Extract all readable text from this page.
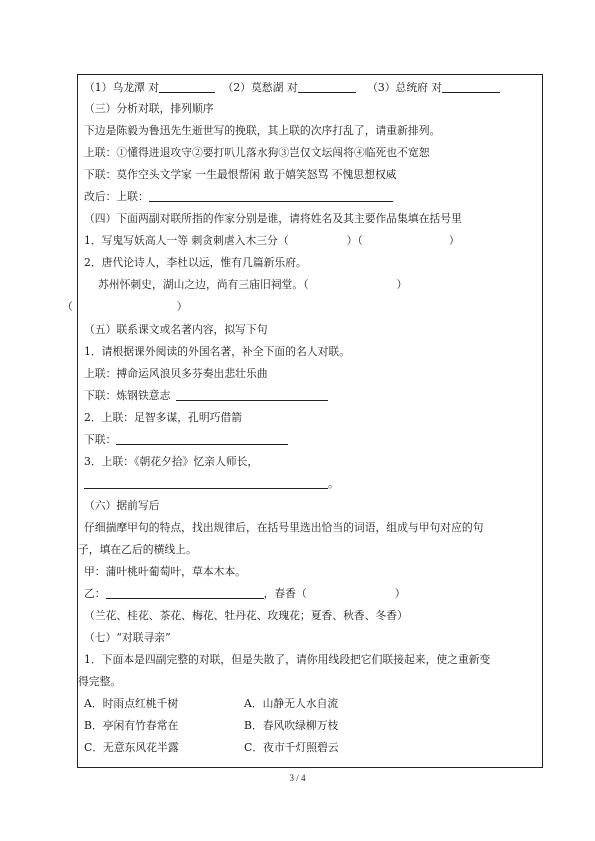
（1）乌龙潭 对	（2）莫愁湖 对	（3）总统府 对
（三）分析对联，排列顺序
下边是陈毅为鲁迅先生逝世写的挽联，其上联的次序打乱了，请重新排列。
上联：①懂得进退攻守②要打叭儿落水狗③岂仅文坛闯将④临死也不宽恕
下联：莫作空头文学家 一生最恨帮闲 敢于嬉笑怒骂 不愧思想权威
改后：上联：
（四）下面两副对联所指的作家分别是谁，请将姓名及其主要作品集填在括号里
1．写鬼写妖高人一等 刺贪刺虐入木三分（	）（	）
2．唐代论诗人，李杜以远，惟有几篇新乐府。
苏州怀刺史，湖山之边，尚有三庙旧祠堂。（	）
（	）
（五）联系课文或名著内容，拟写下句
1．请根据课外阅读的外国名著，补全下面的名人对联。
上联：搏命运风浪贝多芬奏出悲壮乐曲
下联：炼钢铁意志
2．上联：足智多谋，孔明巧借箭
下联：
3．上联：《朝花夕拾》忆亲人师长，
。
（六）据前写后
仔细揣摩甲句的特点，找出规律后，在括号里选出恰当的词语，组成与甲句对应的句
子，填在乙后的横线上。
甲：蒲叶桃叶葡萄叶，草本木本。
乙：	，春香（	）
（兰花、桂花、茶花、梅花、牡丹花、玫瑰花；夏香、秋香、冬香）
（七）“对联寻亲”
1．下面本是四副完整的对联，但是失散了，请你用线段把它们联接起来，使之重新变
得完整。
A．时雨点红桃千树	A．山静无人水自流
B．亭闲有竹春常在	B．春风吹绿柳万枝
C．无意东风花半露	C．夜市千灯照碧云
3 / 4
